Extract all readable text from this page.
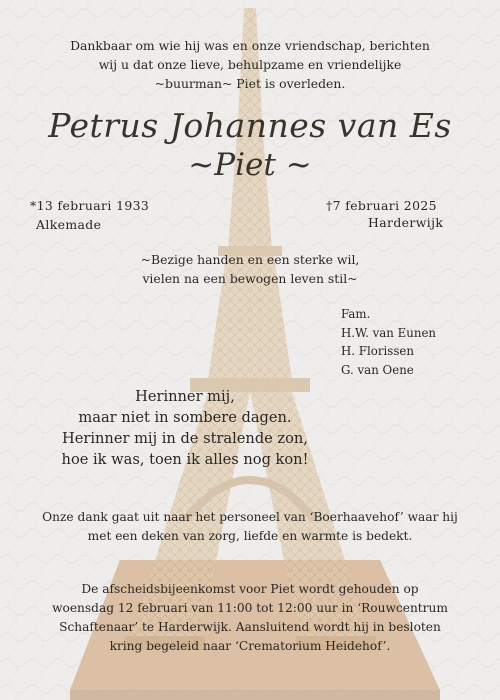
Dankbaar om wie hij was en onze vriendschap, berichten
wij u dat onze lieve, behulpzame en vriendelijke
~buurman~ Piet is overleden.
Petrus Johannes van Es
~Piet ~
*13 februari 1933
Alkemade
†7 februari 2025
Harderwijk
~Bezige handen en een sterke wil,
vielen na een bewogen leven stil~
Fam.
H.W. van Eunen
H. Florissen
G. van Oene
Herinner mij,
maar niet in sombere dagen.
Herinner mij in de stralende zon,
hoe ik was, toen ik alles nog kon!
Onze dank gaat uit naar het personeel van ‘Boerhaavehof’ waar hij
met een deken van zorg, liefde en warmte is bedekt.
De afscheidsbijeenkomst voor Piet wordt gehouden op
woensdag 12 februari van 11:00 tot 12:00 uur in ‘Rouwcentrum
Schaftenaar’ te Harderwijk. Aansluitend wordt hij in besloten
kring begeleid naar ‘Crematorium Heidehof’.
